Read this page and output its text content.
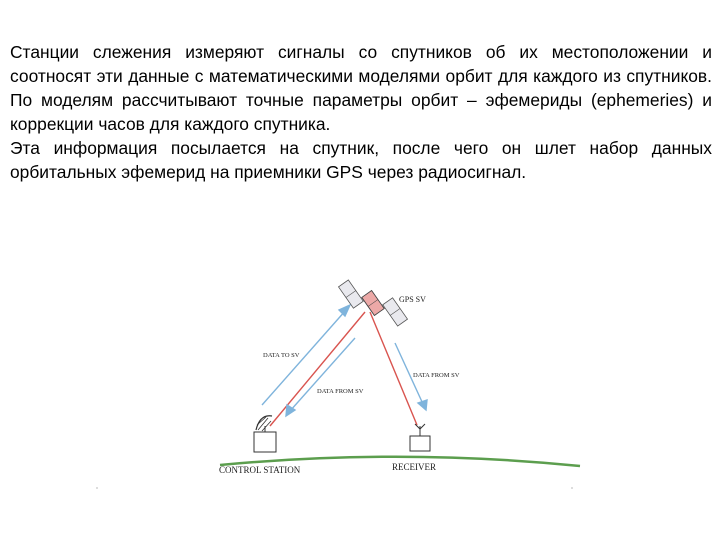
Станции слежения измеряют сигналы со спутников об их местоположении и соотносят эти данные с математическими моделями орбит для каждого из спутников. По моделям рассчитывают точные параметры орбит – эфемериды (ephemeries) и коррекции часов для каждого спутника.

Эта информация посылается на спутник, после чего он шлет набор данных орбитальных эфемерид на приемники GPS через радиосигнал.

GPS SV
DATA TO SV
DATA FROM SV
DATA FROM SV
CONTROL STATION	RECEIVER
